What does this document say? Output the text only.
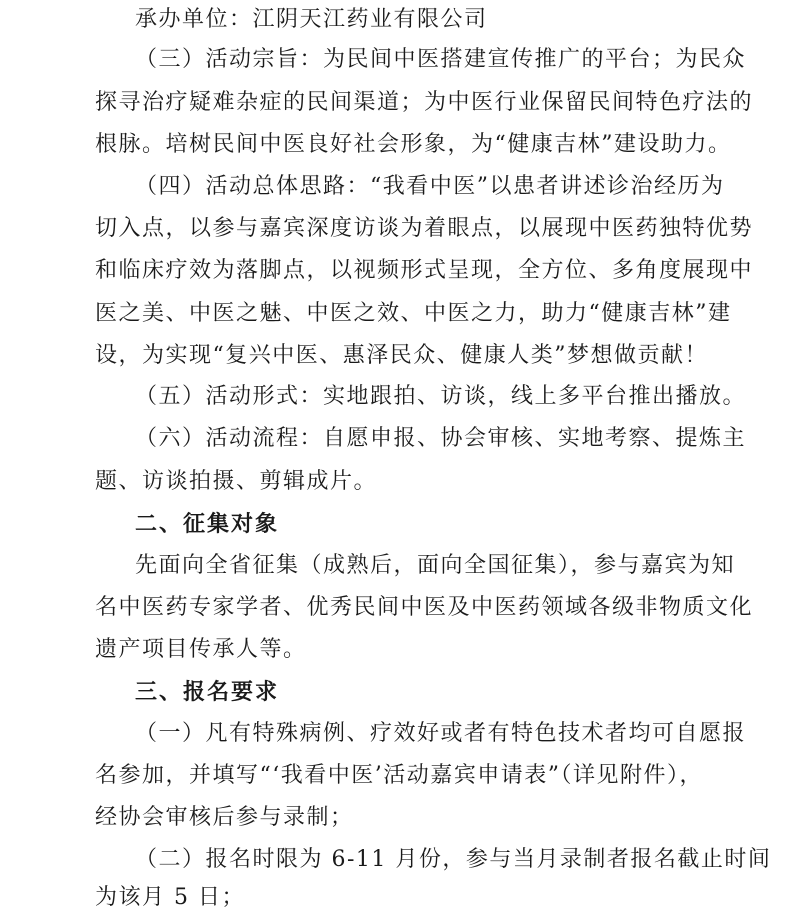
承办单位：江阴天江药业有限公司
（三）活动宗旨：为民间中医搭建宣传推广的平台；为民众
探寻治疗疑难杂症的民间渠道；为中医行业保留民间特色疗法的
根脉。培树民间中医良好社会形象，为“健康吉林”建设助力。
（四）活动总体思路：“我看中医”以患者讲述诊治经历为
切入点，以参与嘉宾深度访谈为着眼点，以展现中医药独特优势
和临床疗效为落脚点，以视频形式呈现，全方位、多角度展现中
医之美、中医之魅、中医之效、中医之力，助力“健康吉林”建
设，为实现“复兴中医、惠泽民众、健康人类”梦想做贡献！
（五）活动形式：实地跟拍、访谈，线上多平台推出播放。
（六）活动流程：自愿申报、协会审核、实地考察、提炼主
题、访谈拍摄、剪辑成片。
二、征集对象
先面向全省征集（成熟后，面向全国征集），参与嘉宾为知
名中医药专家学者、优秀民间中医及中医药领域各级非物质文化
遗产项目传承人等。
三、报名要求
（一）凡有特殊病例、疗效好或者有特色技术者均可自愿报
名参加，并填写“‘我看中医’活动嘉宾申请表”（详见附件），
经协会审核后参与录制；
（二）报名时限为 6-11 月份，参与当月录制者报名截止时间
为该月 5 日；
